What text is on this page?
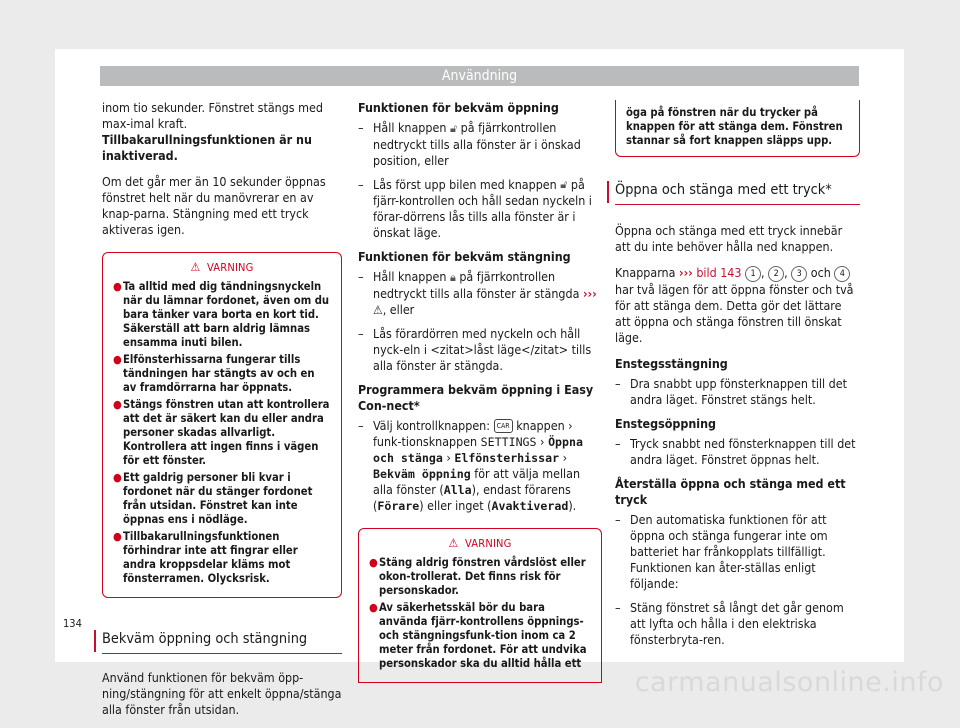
Användning

inom tio sekunder. Fönstret stängs med max-imal kraft. Tillbakarullningsfunktionen är nu inaktiverad.

Om det går mer än 10 sekunder öppnas fönstret helt när du manövrerar en av knap-parna. Stängning med ett tryck aktiveras igen.

⚠ VARNING
● Ta alltid med dig tändningsnyckeln när du lämnar fordonet, även om du bara tänker vara borta en kort tid. Säkerställ att barn aldrig lämnas ensamma inuti bilen.
● Elfönsterhissarna fungerar tills tändningen har stängts av och en av framdörrarna har öppnats.
● Stängs fönstren utan att kontrollera att det är säkert kan du eller andra personer skadas allvarligt. Kontrollera att ingen finns i vägen för ett fönster.
● Ett galdrig personer bli kvar i fordonet när du stänger fordonet från utsidan. Fönstret kan inte öppnas ens i nödläge.
● Tillbakarullningsfunktionen förhindrar inte att fingrar eller andra kroppsdelar kläms mot fönsterramen. Olycksrisk.
Bekväm öppning och stängning

Använd funktionen för bekväm öpp-ning/stängning för att enkelt öppna/stänga alla fönster från utsidan.

Funktionen för bekväm öppning

– Håll knappen 🔓︎ på fjärrkontrollen nedtryckt tills alla fönster är i önskad position, eller
– Lås först upp bilen med knappen 🔓︎ på fjärr-kontrollen och håll sedan nyckeln i förar-dörrens lås tills alla fönster är i önskat läge.

Funktionen för bekväm stängning

– Håll knappen 🔒︎ på fjärrkontrollen nedtryckt tills alla fönster är stängda ››› ⚠, eller
– Lås förardörren med nyckeln och håll nyck-eln i <zitat>låst läge</zitat> tills alla fönster är stängda.

Programmera bekväm öppning i Easy Con-nect*

– Välj kontrollknappen: CAR knappen › funk-tionsknappen SETTINGS › Öppna och stänga › Elfönsterhissar › Bekväm öppning för att välja mellan alla fönster (Alla), endast förarens (Förare) eller inget (Avaktiverad).
⚠ VARNING
● Stäng aldrig fönstren vårdslöst eller okon-trollerat. Det finns risk för personskador.
● Av säkerhetsskäl bör du bara använda fjärr-kontrollens öppnings- och stängningsfunk-tion inom ca 2 meter från fordonet. För att undvika personskador ska du alltid hålla ett
öga på fönstren när du trycker på knappen för att stänga dem. Fönstren stannar så fort knappen släpps upp.
Öppna och stänga med ett tryck*

Öppna och stänga med ett tryck innebär att du inte behöver hålla ned knappen.

Knapparna ››› bild 143 1 , 2 , 3 och 4 har två lägen för att öppna fönster och två för att stänga dem. Detta gör det lättare att öppna och stänga fönstren till önskat läge.

Enstegsstängning

– Dra snabbt upp fönsterknappen till det andra läget. Fönstret stängs helt.

Enstegsöppning

– Tryck snabbt ned fönsterknappen till det andra läget. Fönstret öppnas helt.

Återställa öppna och stänga med ett tryck

– Den automatiska funktionen för att öppna och stänga fungerar inte om batteriet har frånkopplats tillfälligt. Funktionen kan åter-ställas enligt följande:
– Stäng fönstret så långt det går genom att lyfta och hålla i den elektriska fönsterbryta-ren.
134
carmanualsonline.info
